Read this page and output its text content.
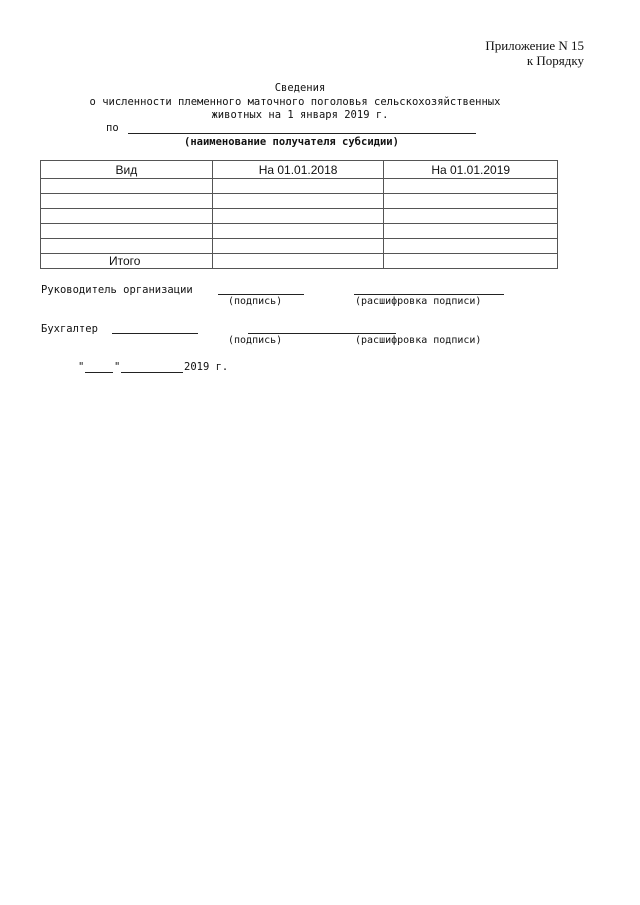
Приложение N 15
к Порядку
Сведения
о численности племенного маточного поголовья сельскохозяйственных
животных на 1 января 2019 г.
по
(наименование получателя субсидии)
Вид	На 01.01.2018	На 01.01.2019

Итого		
Руководитель организации
(подпись)	(расшифровка подписи)
Бухгалтер
(подпись)	(расшифровка подписи)
"	"	2019 г.
